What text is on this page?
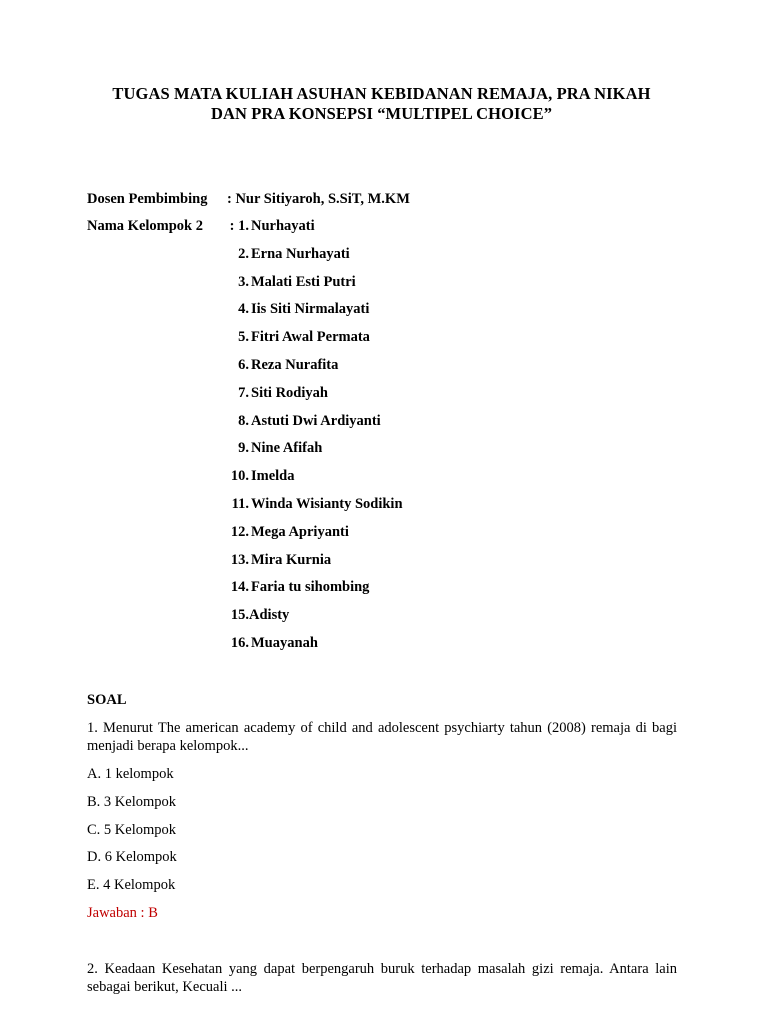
TUGAS MATA KULIAH ASUHAN KEBIDANAN REMAJA, PRA NIKAH
DAN PRA KONSEPSI “MULTIPEL CHOICE”
Dosen Pembimbing : Nur Sitiyaroh, S.SiT, M.KM
Nama Kelompok 2	: 1. Nurhayati
2. Erna Nurhayati
3. Malati Esti Putri
4. Iis Siti Nirmalayati
5. Fitri Awal Permata
6. Reza Nurafita
7. Siti Rodiyah
8. Astuti Dwi Ardiyanti
9. Nine Afifah
10. Imelda
11. Winda Wisianty Sodikin
12. Mega Apriyanti
13. Mira Kurnia
14. Faria tu sihombing
15. Adisty
16. Muayanah
SOAL
1. Menurut The american academy of child and adolescent psychiarty tahun (2008) remaja di bagi menjadi berapa kelompok...
A. 1 kelompok
B. 3 Kelompok
C. 5 Kelompok
D. 6 Kelompok
E. 4 Kelompok
Jawaban : B
2. Keadaan Kesehatan yang dapat berpengaruh buruk terhadap masalah gizi remaja. Antara lain sebagai berikut, Kecuali ...
